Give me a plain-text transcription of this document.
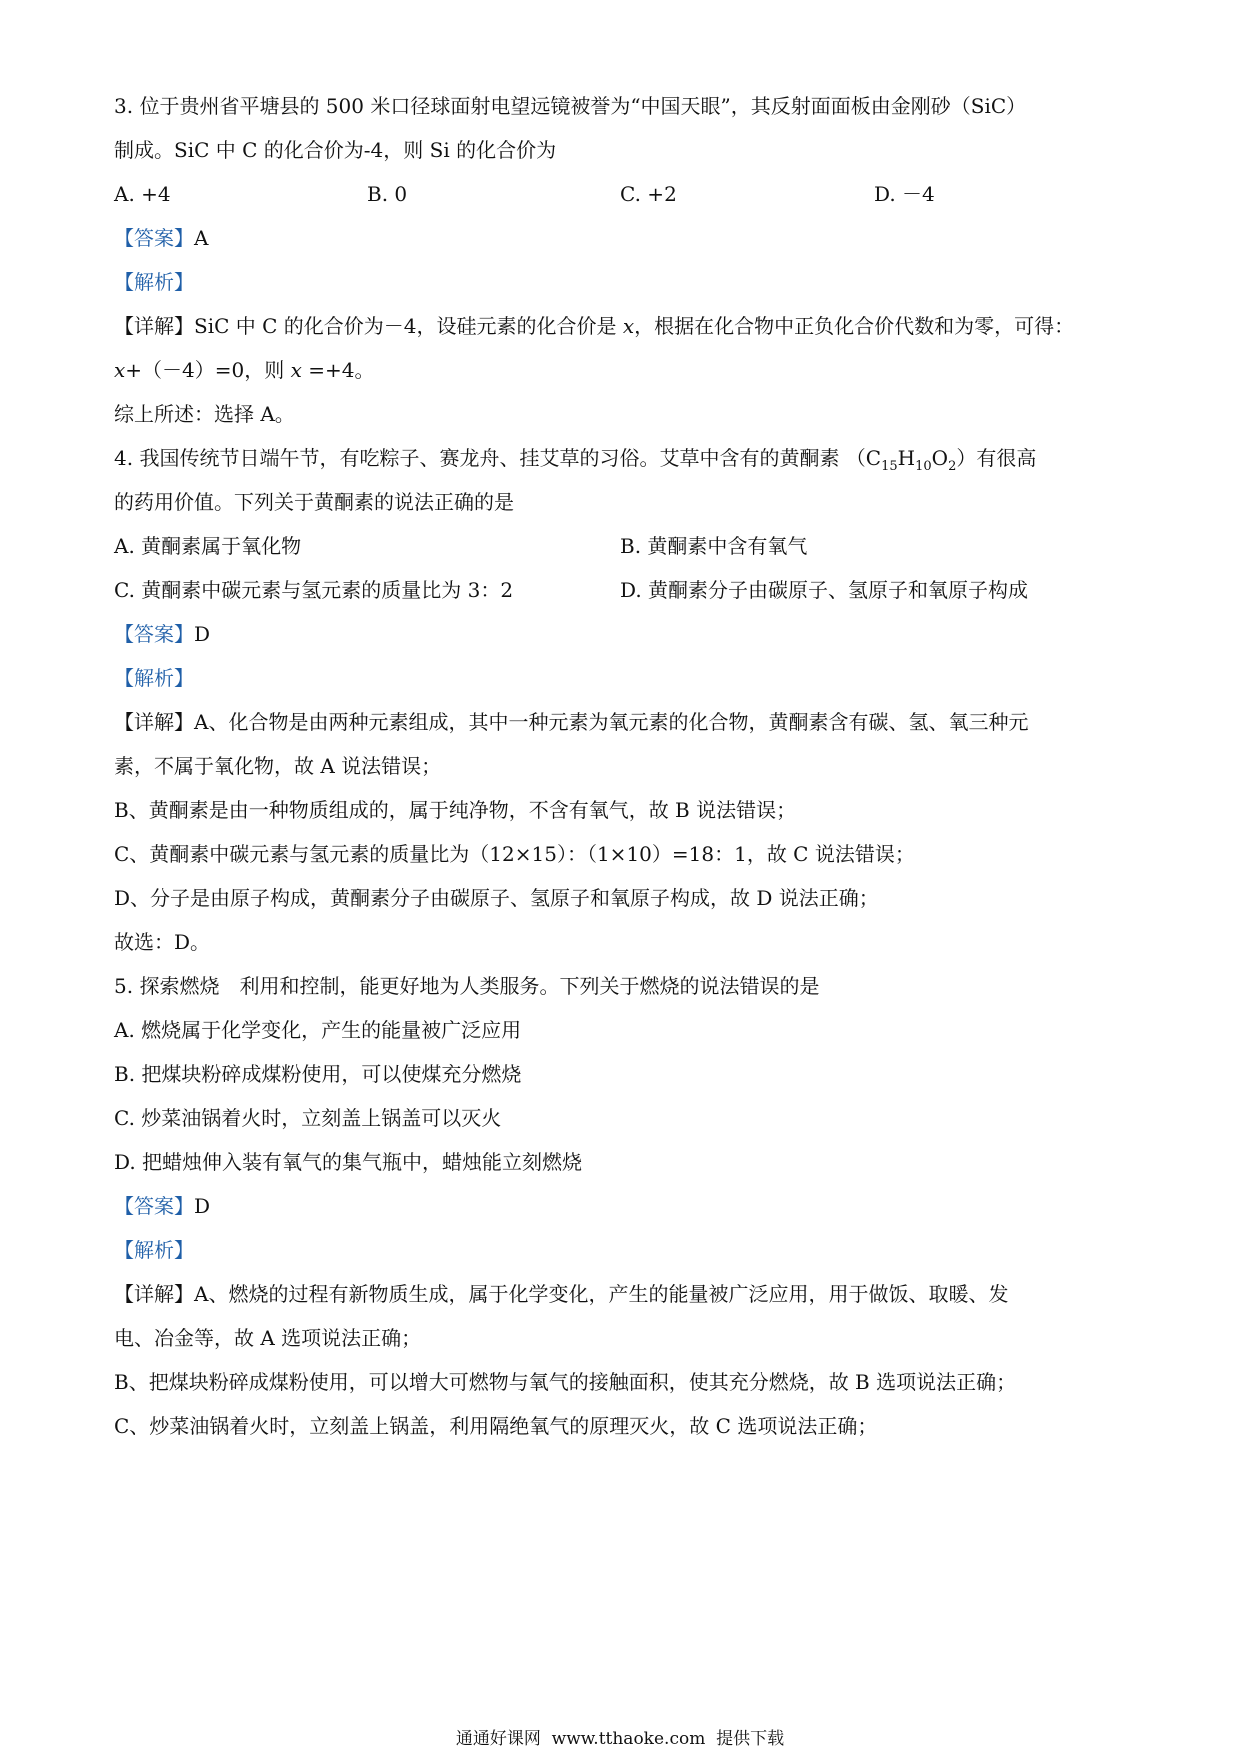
3. 位于贵州省平塘县的 500 米口径球面射电望远镜被誉为“中国天眼”，其反射面面板由金刚砂（SiC）
制成。SiC 中 C 的化合价为-4，则 Si 的化合价为
A. +4	B. 0	C. +2	D. －4
【答案】A
【解析】
【详解】SiC 中 C 的化合价为－4，设硅元素的化合价是 x，根据在化合物中正负化合价代数和为零，可得：
x+（－4）=0，则 x =+4。
综上所述：选择 A。
4. 我国传统节日端午节，有吃粽子、赛龙舟、挂艾草的习俗。艾草中含有的黄酮素 $(C_{15}H_{10}O_2)$有很高
的药用价值。下列关于黄酮素的说法正确的是
A. 黄酮素属于氧化物	B. 黄酮素中含有氧气
C. 黄酮素中碳元素与氢元素的质量比为 3：2	D. 黄酮素分子由碳原子、氢原子和氧原子构成
【答案】D
【解析】
【详解】A、化合物是由两种元素组成，其中一种元素为氧元素的化合物，黄酮素含有碳、氢、氧三种元
素，不属于氧化物，故 A 说法错误；
B、黄酮素是由一种物质组成的，属于纯净物，不含有氧气，故 B 说法错误；
C、黄酮素中碳元素与氢元素的质量比为（12×15）：（1×10）=18：1，故 C 说法错误；
D、分子是由原子构成，黄酮素分子由碳原子、氢原子和氧原子构成，故 D 说法正确；
故选：D。
5. 探索燃烧　利用和控制，能更好地为人类服务。下列关于燃烧的说法错误的是
A. 燃烧属于化学变化，产生的能量被广泛应用
B. 把煤块粉碎成煤粉使用，可以使煤充分燃烧
C. 炒菜油锅着火时，立刻盖上锅盖可以灭火
D. 把蜡烛伸入装有氧气的集气瓶中，蜡烛能立刻燃烧
【答案】D
【解析】
【详解】A、燃烧的过程有新物质生成，属于化学变化，产生的能量被广泛应用，用于做饭、取暖、发
电、冶金等，故 A 选项说法正确；
B、把煤块粉碎成煤粉使用，可以增大可燃物与氧气的接触面积，使其充分燃烧，故 B 选项说法正确；
C、炒菜油锅着火时，立刻盖上锅盖，利用隔绝氧气的原理灭火，故 C 选项说法正确；
通通好课网 www.tthaoke.com 提供下载
